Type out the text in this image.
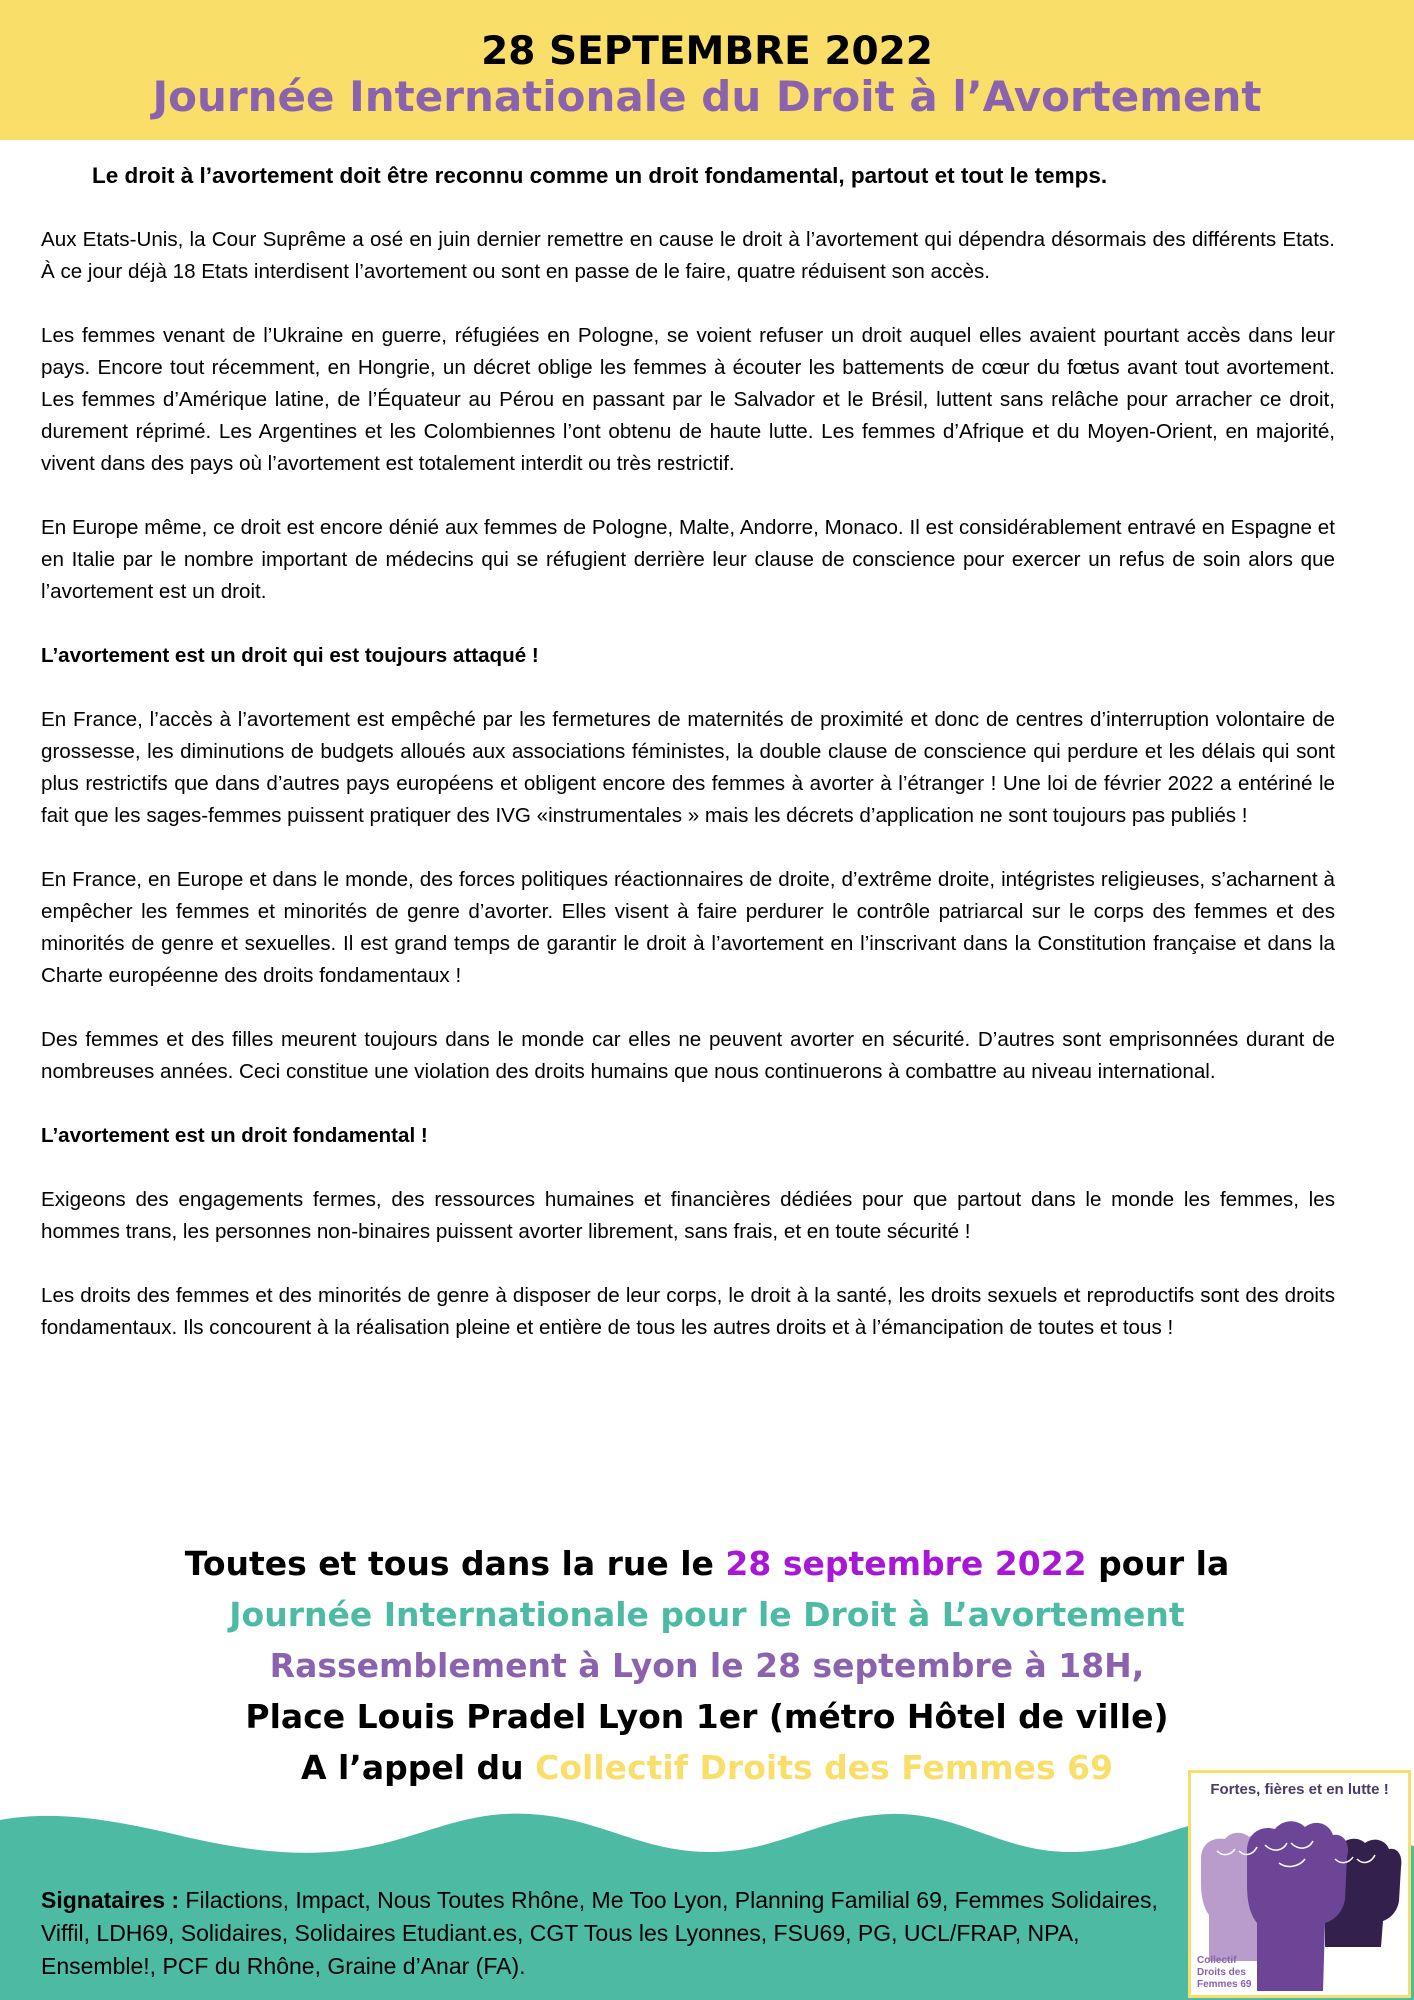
28 SEPTEMBRE 2022
Journée Internationale du Droit à l’Avortement
Le droit à l’avortement doit être reconnu comme un droit fondamental, partout et tout le temps.

Aux Etats-Unis, la Cour Suprême a osé en juin dernier remettre en cause le droit à l’avortement qui dépendra désormais des différents Etats. À ce jour déjà 18 Etats interdisent l’avortement ou sont en passe de le faire, quatre réduisent son accès.

Les femmes venant de l’Ukraine en guerre, réfugiées en Pologne, se voient refuser un droit auquel elles avaient pourtant accès dans leur pays. Encore tout récemment, en Hongrie, un décret oblige les femmes à écouter les battements de cœur du fœtus avant tout avortement. Les femmes d’Amérique latine, de l’Équateur au Pérou en passant par le Salvador et le Brésil, luttent sans relâche pour arracher ce droit, durement réprimé. Les Argentines et les Colombiennes l’ont obtenu de haute lutte. Les femmes d’Afrique et du Moyen-Orient, en majorité, vivent dans des pays où l’avortement est totalement interdit ou très restrictif.

En Europe même, ce droit est encore dénié aux femmes de Pologne, Malte, Andorre, Monaco. Il est considérablement entravé en Espagne et en Italie par le nombre important de médecins qui se réfugient derrière leur clause de conscience pour exercer un refus de soin alors que l’avortement est un droit.

L’avortement est un droit qui est toujours attaqué !

En France, l’accès à l’avortement est empêché par les fermetures de maternités de proximité et donc de centres d’interruption volontaire de grossesse, les diminutions de budgets alloués aux associations féministes, la double clause de conscience qui perdure et les délais qui sont plus restrictifs que dans d’autres pays européens et obligent encore des femmes à avorter à l’étranger ! Une loi de février 2022 a entériné le fait que les sages-femmes puissent pratiquer des IVG «instrumentales » mais les décrets d’application ne sont toujours pas publiés !

En France, en Europe et dans le monde, des forces politiques réactionnaires de droite, d’extrême droite, intégristes religieuses, s’acharnent à empêcher les femmes et minorités de genre d’avorter. Elles visent à faire perdurer le contrôle patriarcal sur le corps des femmes et des minorités de genre et sexuelles. Il est grand temps de garantir le droit à l’avortement en l’inscrivant dans la Constitution française et dans la Charte européenne des droits fondamentaux !

Des femmes et des filles meurent toujours dans le monde car elles ne peuvent avorter en sécurité. D’autres sont emprisonnées durant de nombreuses années. Ceci constitue une violation des droits humains que nous continuerons à combattre au niveau international.

L’avortement est un droit fondamental !

Exigeons des engagements fermes, des ressources humaines et financières dédiées pour que partout dans le monde les femmes, les hommes trans, les personnes non-binaires puissent avorter librement, sans frais, et en toute sécurité !

Les droits des femmes et des minorités de genre à disposer de leur corps, le droit à la santé, les droits sexuels et reproductifs sont des droits fondamentaux. Ils concourent à la réalisation pleine et entière de tous les autres droits et à l’émancipation de toutes et tous !

Toutes et tous dans la rue le 28 septembre 2022 pour la
Journée Internationale pour le Droit à L’avortement
Rassemblement à Lyon le 28 septembre à 18H,
Place Louis Pradel Lyon 1er (métro Hôtel de ville)
A l’appel du Collectif Droits des Femmes 69
Signataires : Filactions, Impact, Nous Toutes Rhône, Me Too Lyon, Planning Familial 69, Femmes Solidaires, Viffil, LDH69, Solidaires, Solidaires Etudiant.es, CGT Tous les Lyonnes, FSU69, PG, UCL/FRAP, NPA, Ensemble!, PCF du Rhône, Graine d’Anar (FA).
Fortes, fières et en lutte !
Collectif
Droits des
Femmes 69
